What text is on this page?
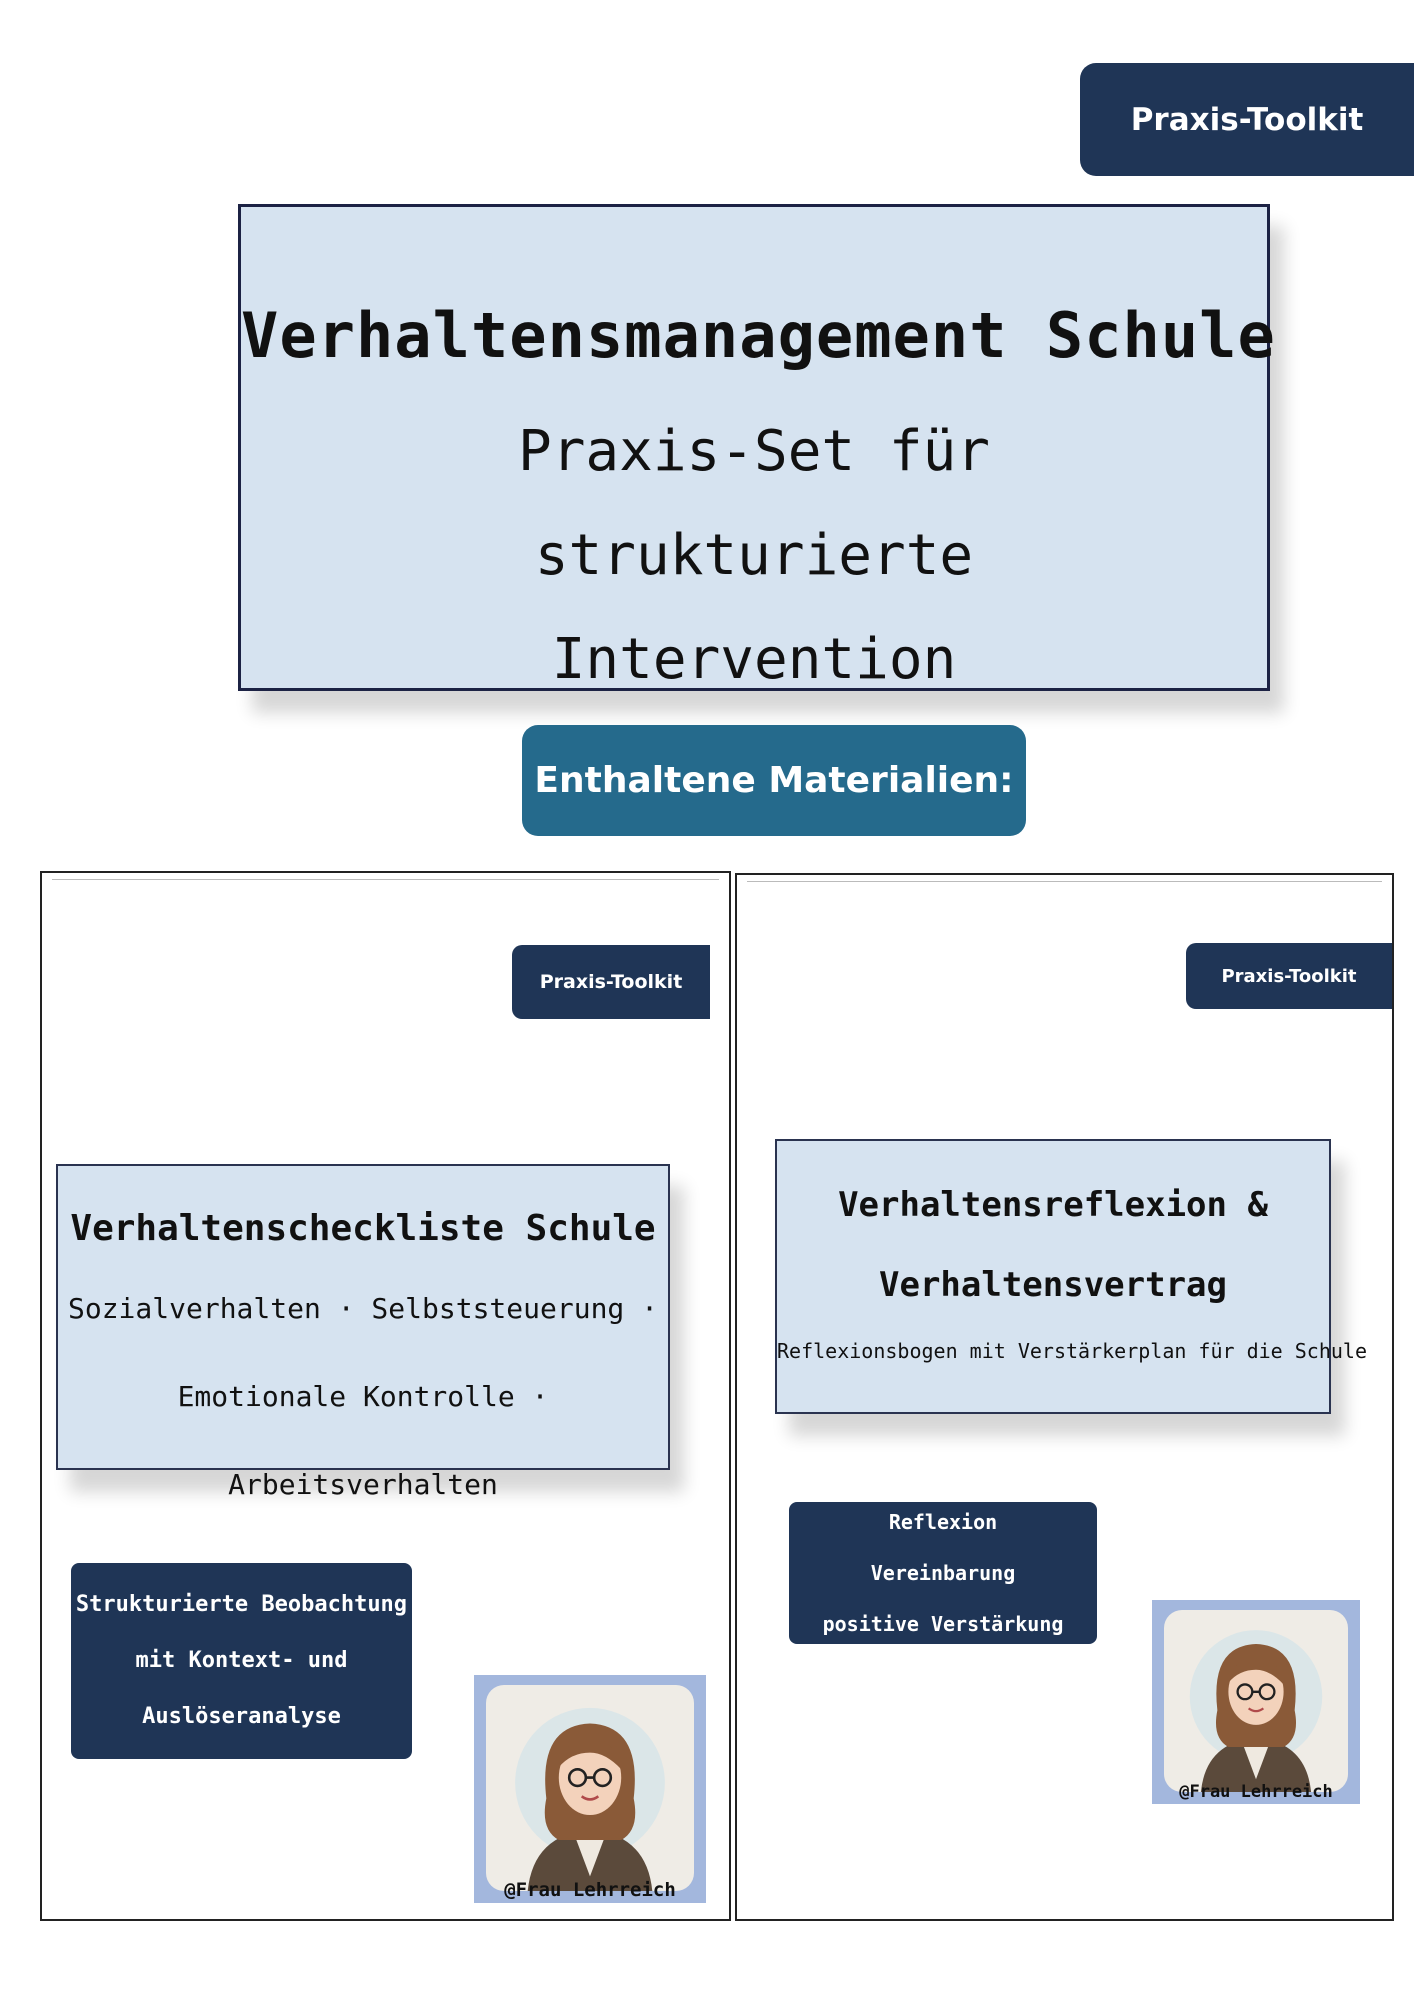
Praxis-Toolkit
Verhaltensmanagement Schule
Praxis-Set für strukturierte Intervention
Enthaltene Materialien:
Praxis-Toolkit
Verhaltenscheckliste Schule
Sozialverhalten · Selbststeuerung ·
Emotionale Kontrolle · Arbeitsverhalten
Strukturierte Beobachtung
mit Kontext- und
Auslöseranalyse
@Frau Lehrreich
Praxis-Toolkit
Verhaltensreflexion &
Verhaltensvertrag
Reflexionsbogen mit Verstärkerplan für die Schule
Reflexion
Vereinbarung
positive Verstärkung
@Frau Lehrreich
